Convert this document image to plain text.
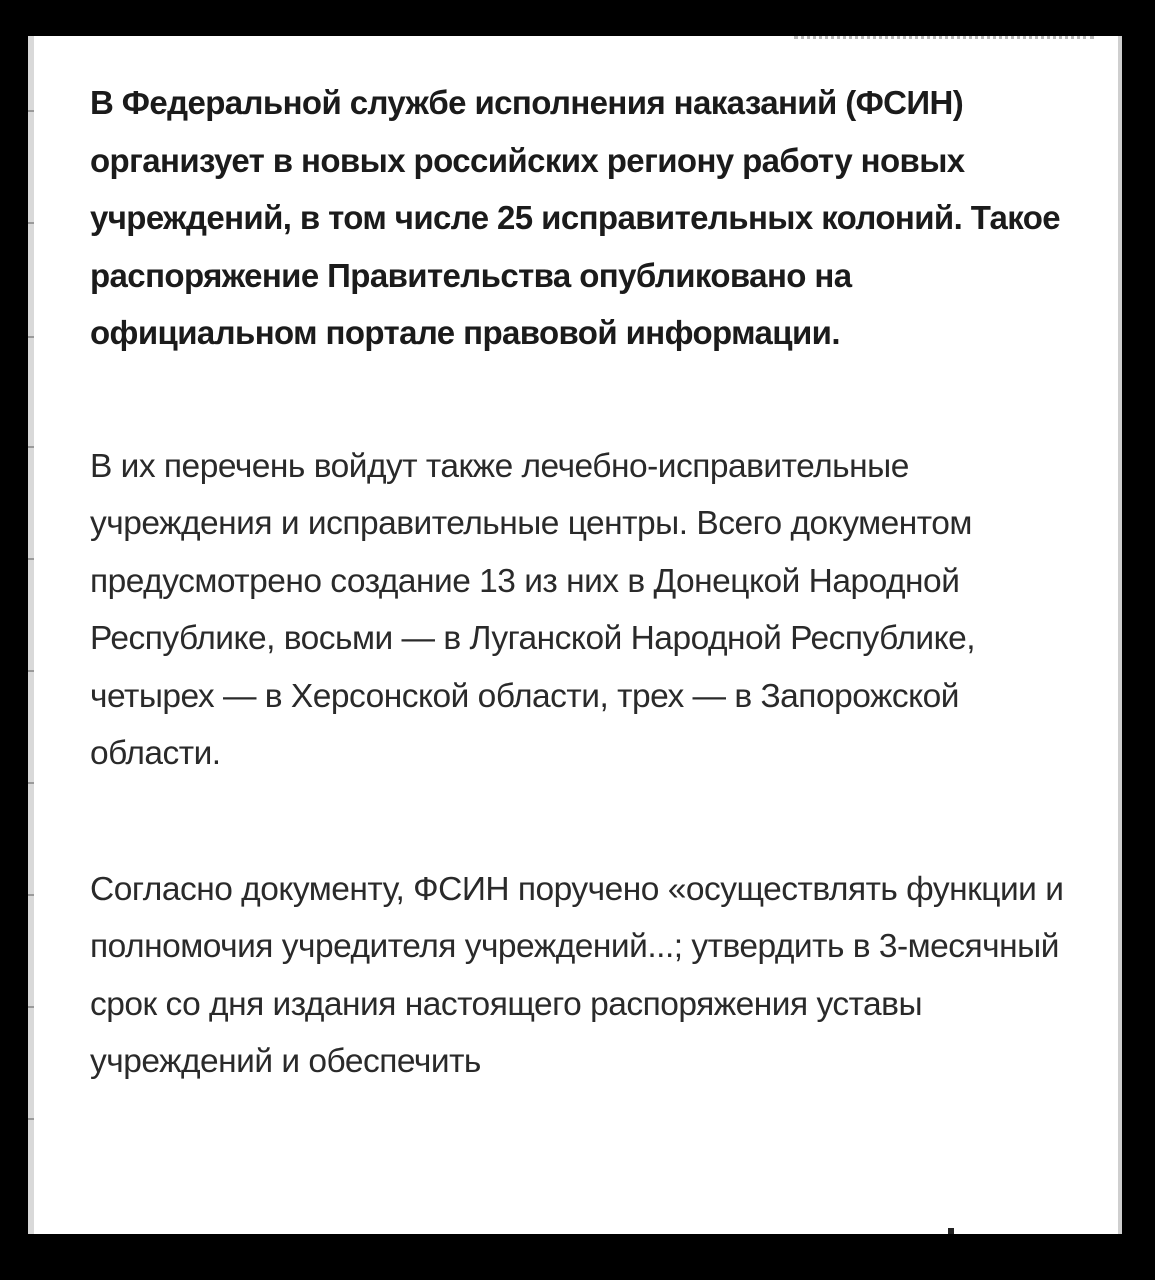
В Федеральной службе исполнения наказаний (ФСИН) организует в новых российских региону работу новых учреждений, в том числе 25 исправительных колоний. Такое распоряжение Правительства опубликовано на официальном портале правовой информации.

В их перечень войдут также лечебно-исправительные учреждения и исправительные центры. Всего документом предусмотрено создание 13 из них в Донецкой Народной Республике, восьми — в Луганской Народной Республике, четырех — в Херсонской области, трех — в Запорожской области.

Согласно документу, ФСИН поручено «осуществлять функции и полномочия учредителя учреждений...; утвердить в 3-месячный срок со дня издания настоящего распоряжения уставы учреждений и обеспечить
